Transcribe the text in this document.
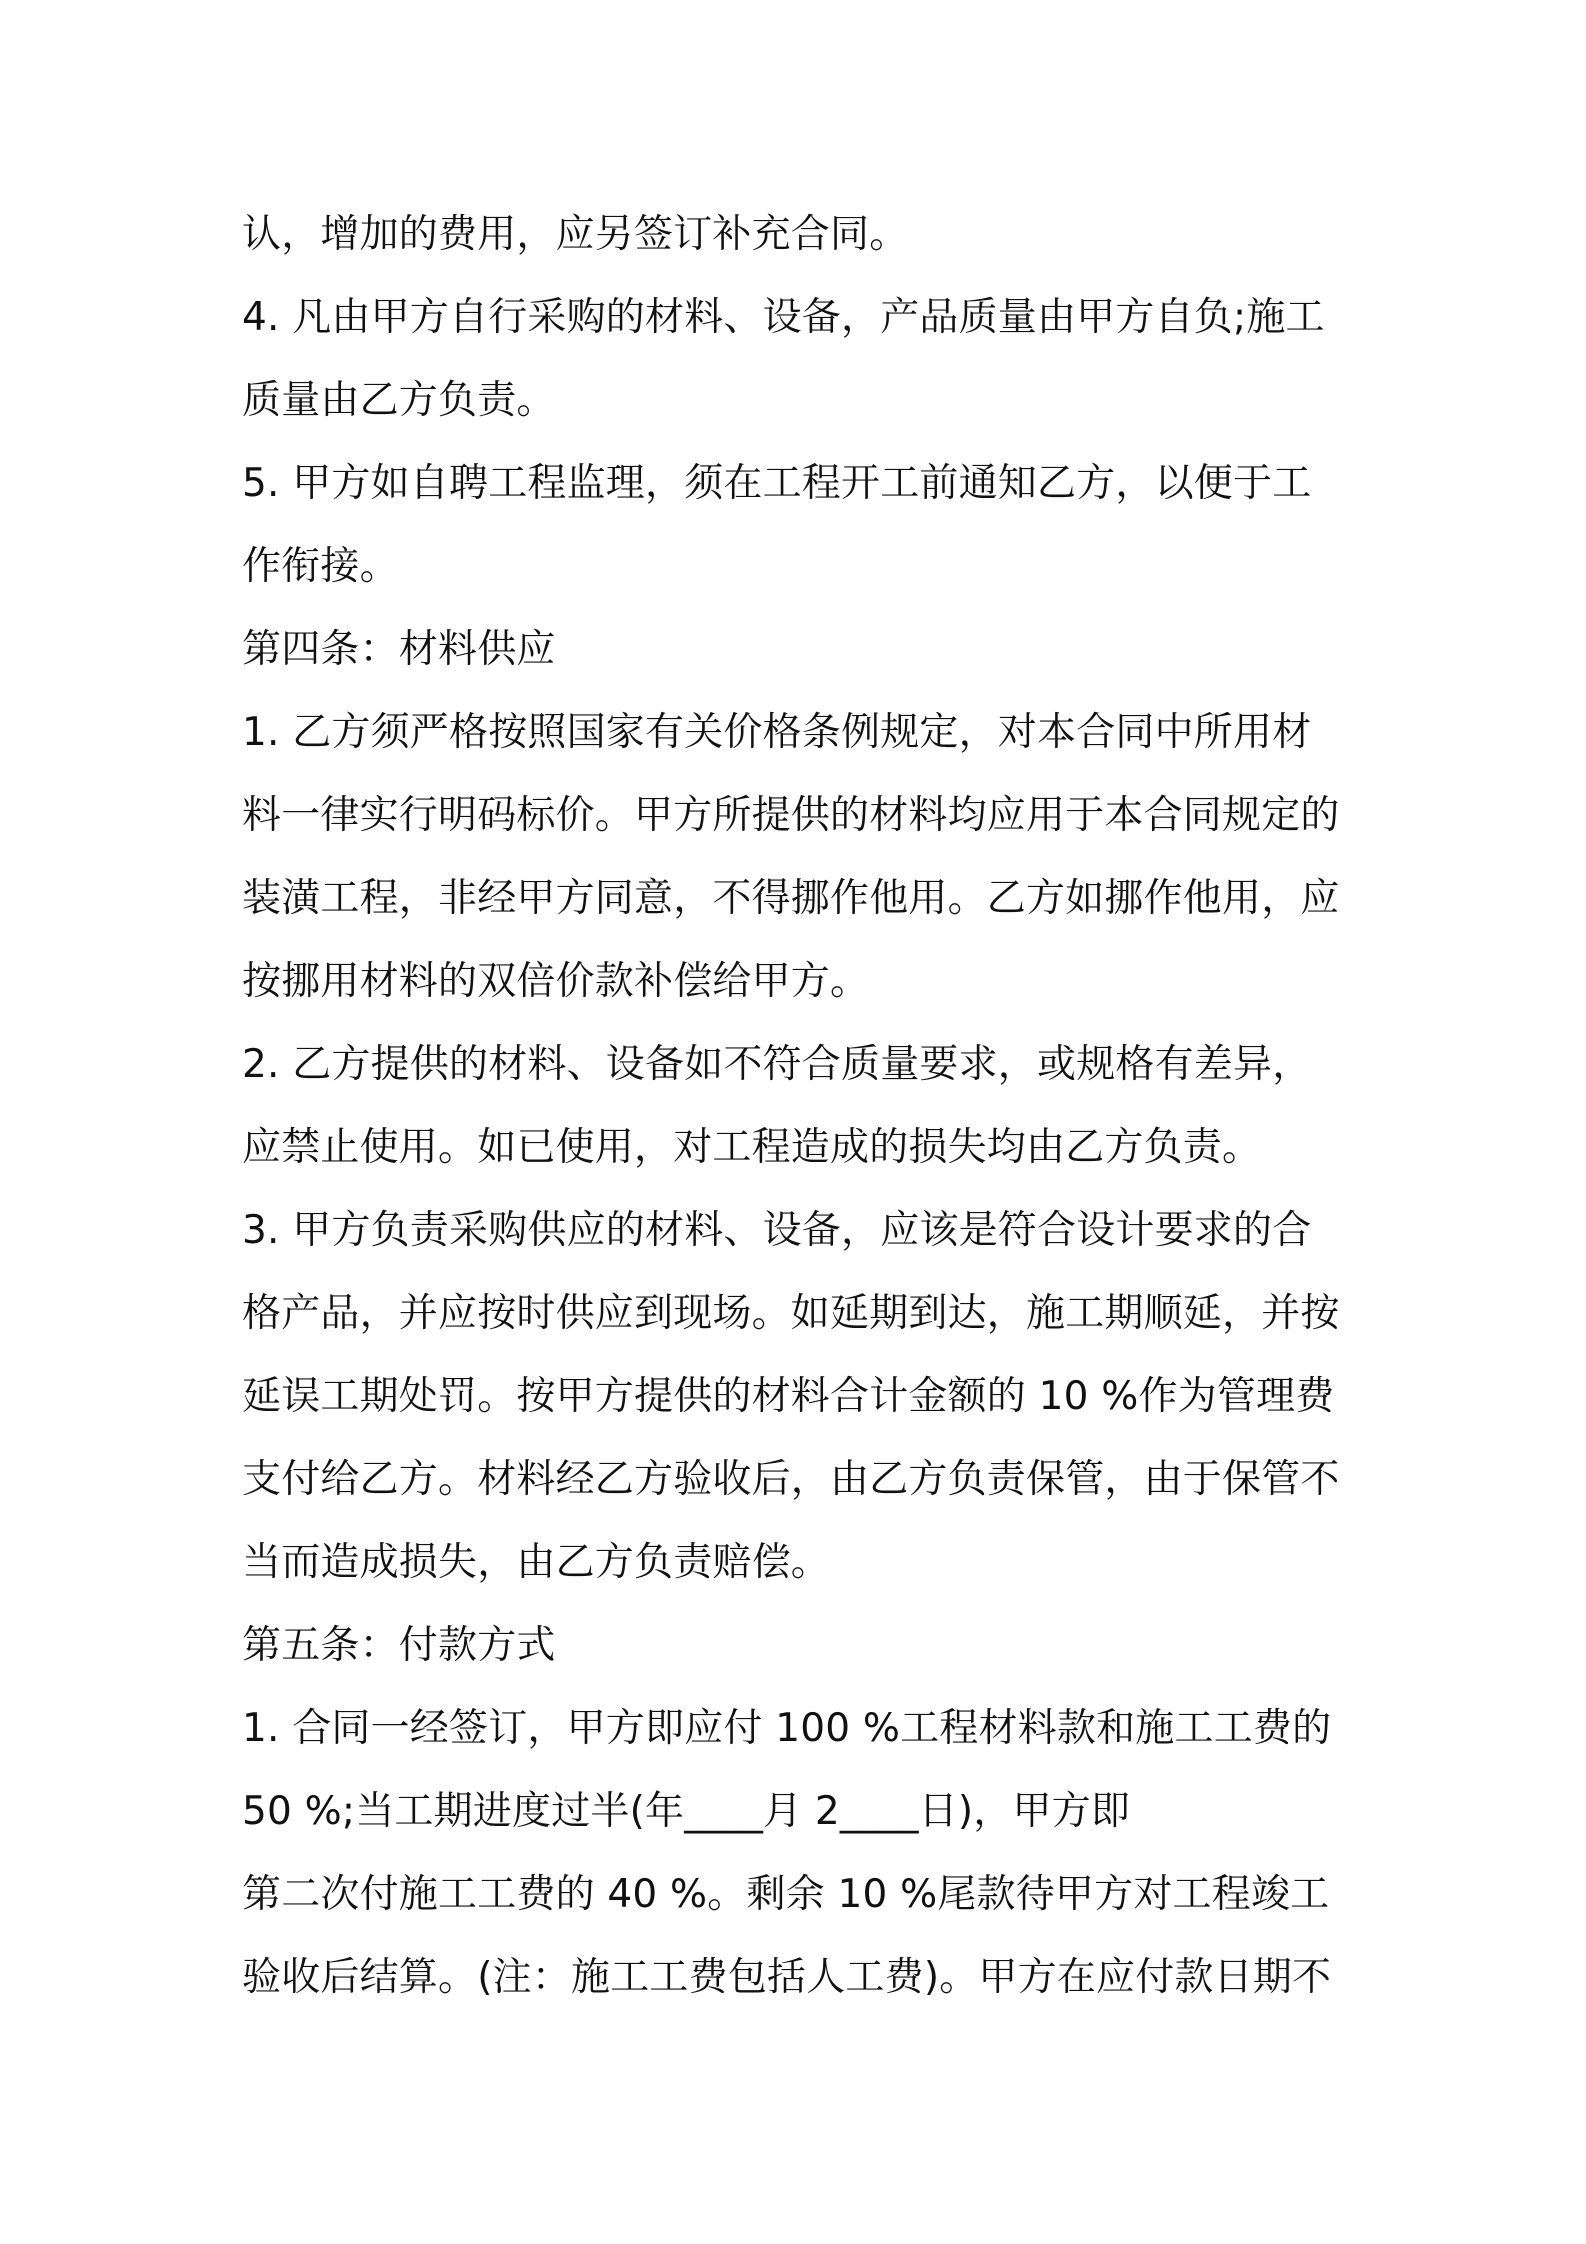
认，增加的费用，应另签订补充合同。
4. 凡由甲方自行采购的材料、设备，产品质量由甲方自负;施工
质量由乙方负责。
5. 甲方如自聘工程监理，须在工程开工前通知乙方，以便于工
作衔接。
第四条：材料供应
1. 乙方须严格按照国家有关价格条例规定，对本合同中所用材
料一律实行明码标价。甲方所提供的材料均应用于本合同规定的
装潢工程，非经甲方同意，不得挪作他用。乙方如挪作他用，应
按挪用材料的双倍价款补偿给甲方。
2. 乙方提供的材料、设备如不符合质量要求，或规格有差异，
应禁止使用。如已使用，对工程造成的损失均由乙方负责。
3. 甲方负责采购供应的材料、设备，应该是符合设计要求的合
格产品，并应按时供应到现场。如延期到达，施工期顺延，并按
延误工期处罚。按甲方提供的材料合计金额的 10 %作为管理费
支付给乙方。材料经乙方验收后，由乙方负责保管，由于保管不
当而造成损失，由乙方负责赔偿。
第五条：付款方式
1. 合同一经签订，甲方即应付 100 %工程材料款和施工工费的
50 %;当工期进度过半(年____月 2____日)，甲方即
第二次付施工工费的 40 %。剩余 10 %尾款待甲方对工程竣工
验收后结算。(注：施工工费包括人工费)。甲方在应付款日期不
